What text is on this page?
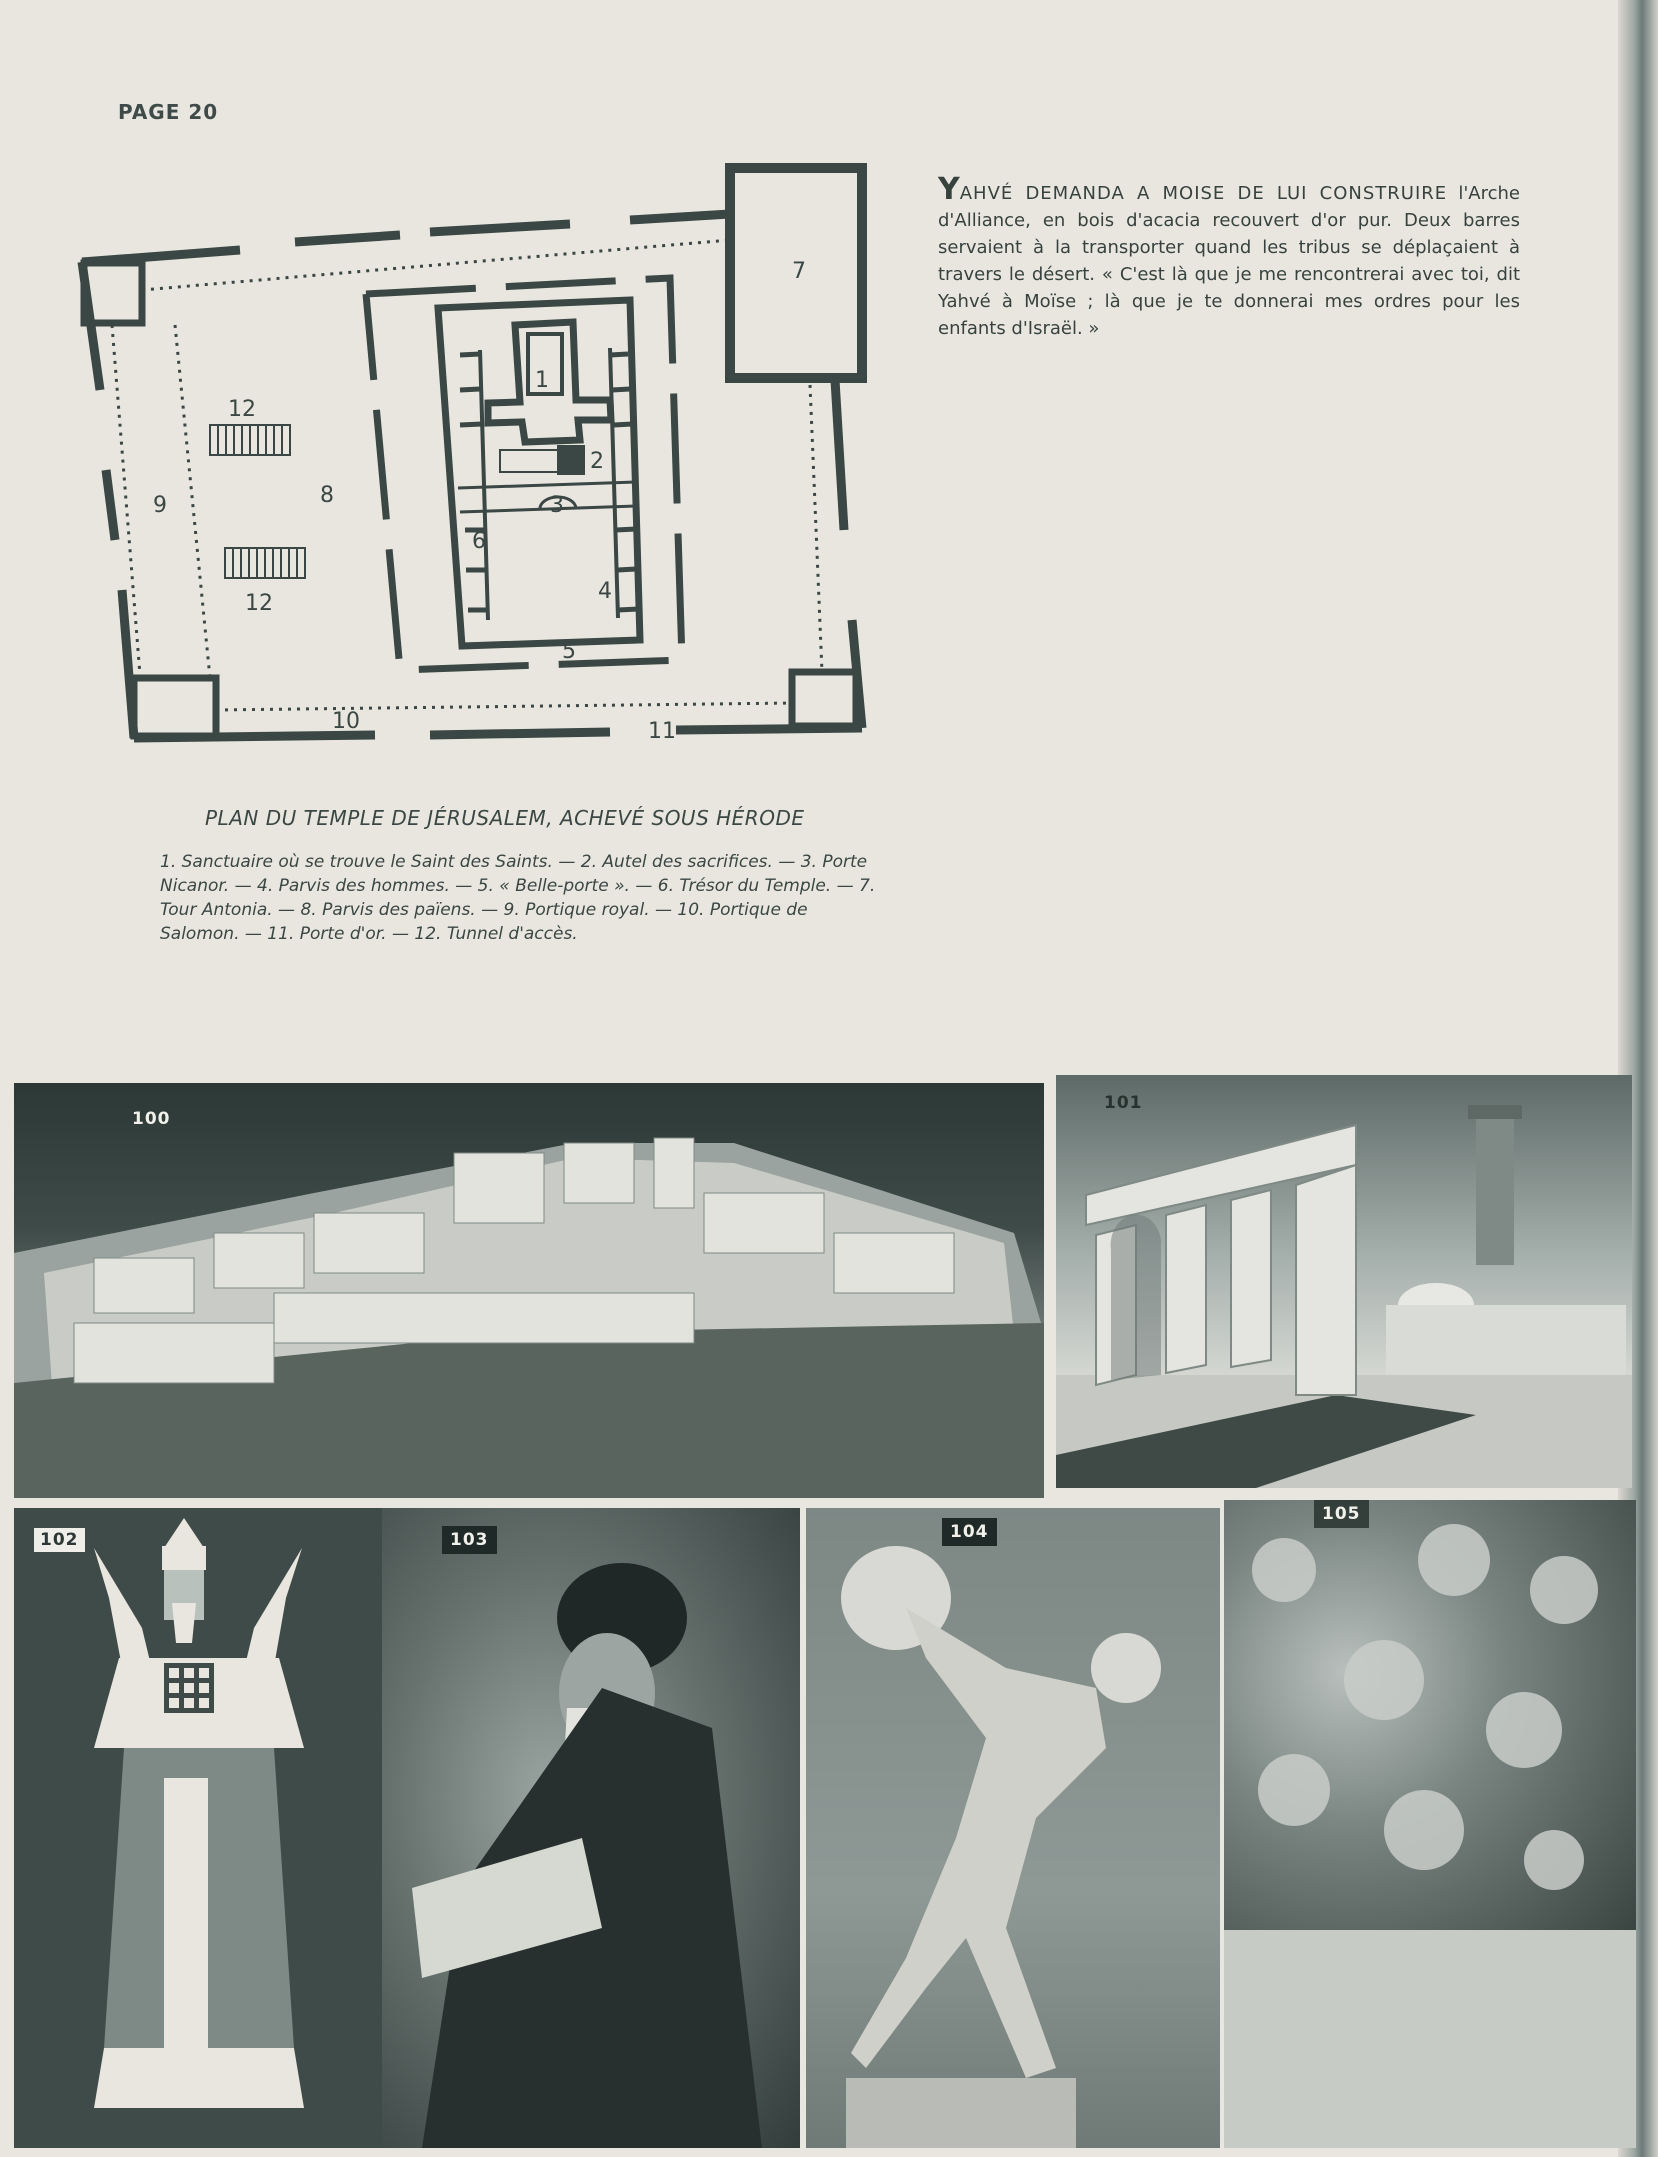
PAGE 20
1
2
3
4
5
6
7
8
9
10	11
12
12
YAHVÉ DEMANDA A MOISE DE LUI CONSTRUIRE l'Arche d'Alliance, en bois d'acacia recouvert d'or pur. Deux barres servaient à la transporter quand les tribus se déplaçaient à travers le désert. « C'est là que je me rencontrerai avec toi, dit Yahvé à Moïse ; là que je te donnerai mes ordres pour les enfants d'Israël. »
PLAN DU TEMPLE DE JÉRUSALEM, ACHEVÉ SOUS HÉRODE
1. Sanctuaire où se trouve le Saint des Saints. — 2. Autel des sacrifices. — 3. Porte Nicanor. — 4. Parvis des hommes. — 5. « Belle-porte ». — 6. Trésor du Temple. — 7. Tour Antonia. — 8. Parvis des païens. — 9. Portique royal. — 10. Portique de Salomon. — 11. Porte d'or. — 12. Tunnel d'accès.
100
101
102	103	104
105
